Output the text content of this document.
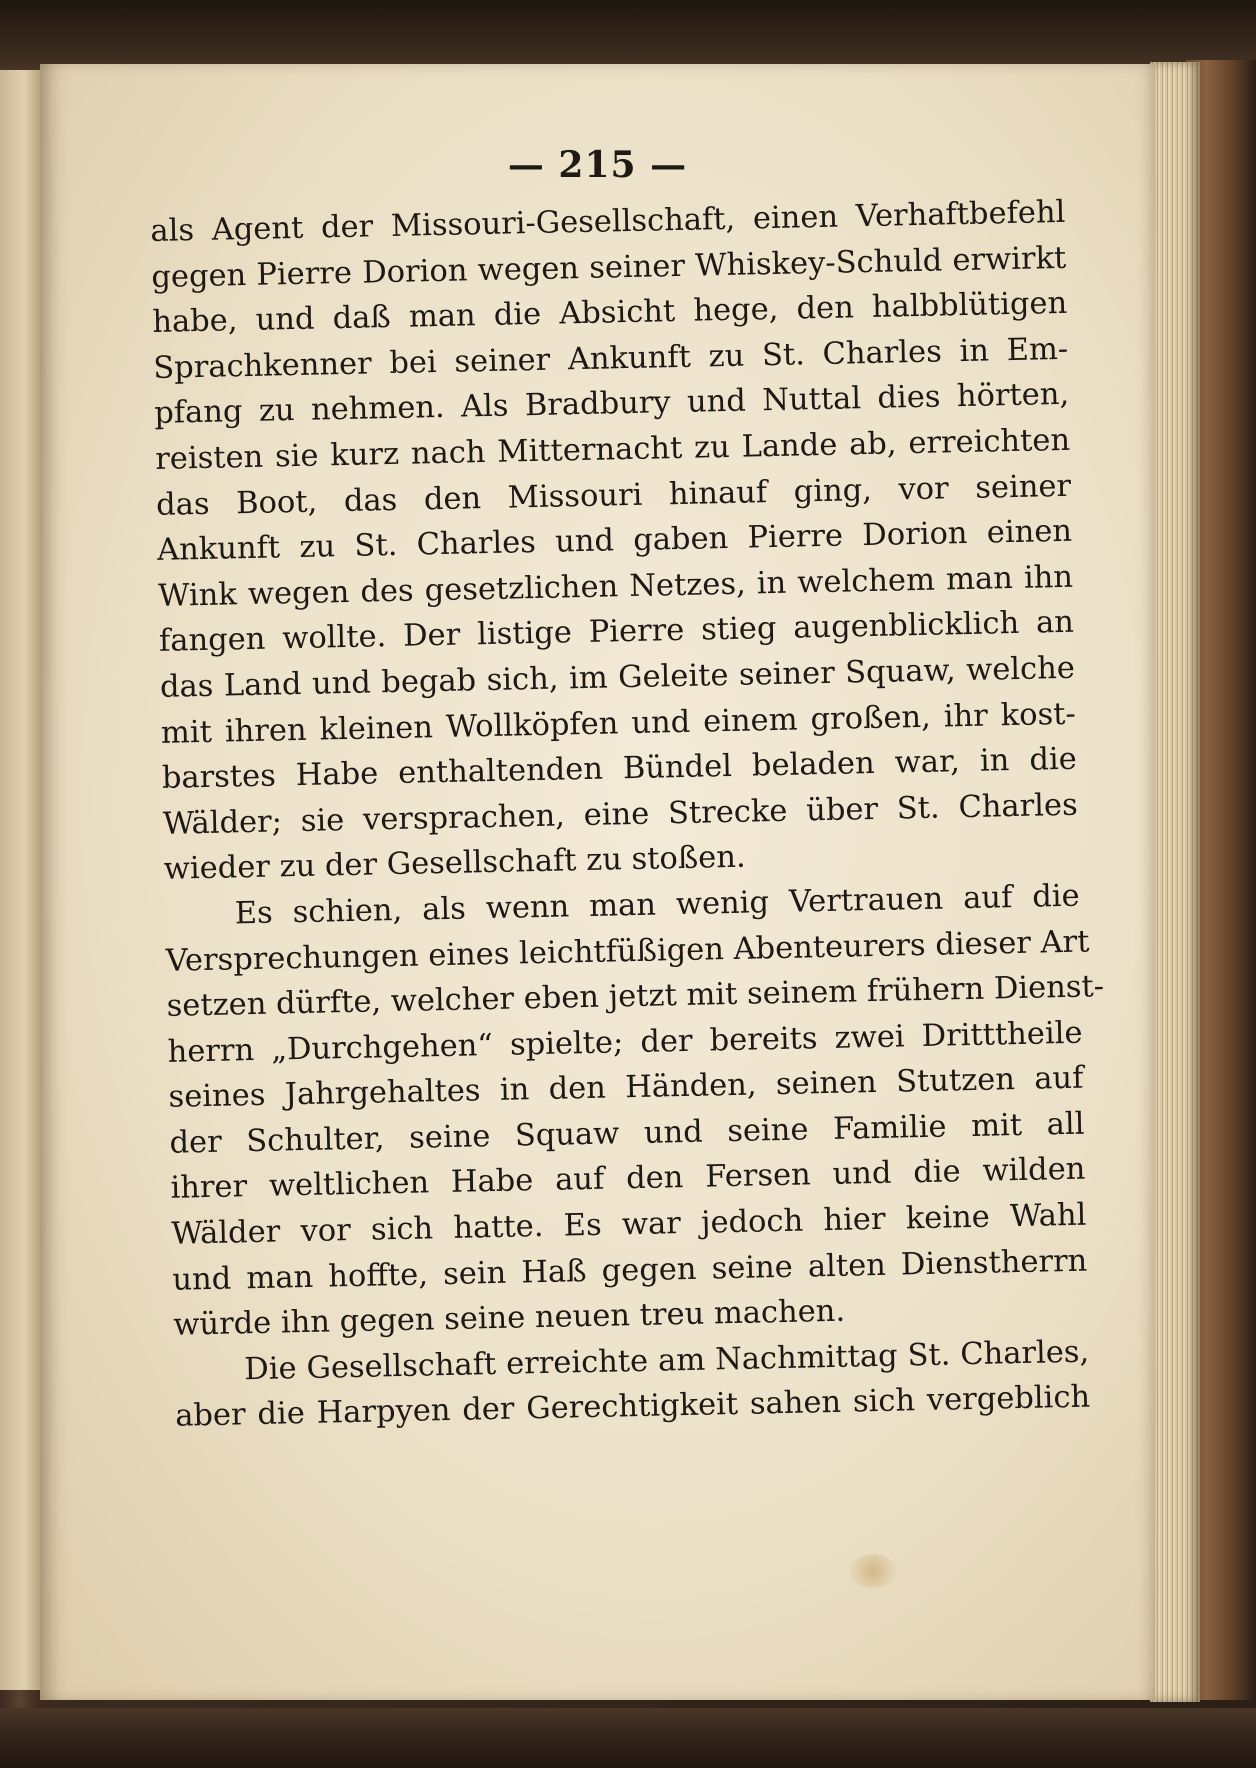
— 215 —
als Agent der Missouri-Gesellschaft, einen Verhaftbefehl
gegen Pierre Dorion wegen seiner Whiskey-Schuld erwirkt
habe, und daß man die Absicht hege, den halbblütigen
Sprachkenner bei seiner Ankunft zu St. Charles in Em-
pfang zu nehmen. Als Bradbury und Nuttal dies hörten,
reisten sie kurz nach Mitternacht zu Lande ab, erreichten
das Boot, das den Missouri hinauf ging, vor seiner
Ankunft zu St. Charles und gaben Pierre Dorion einen
Wink wegen des gesetzlichen Netzes, in welchem man ihn
fangen wollte. Der listige Pierre stieg augenblicklich an
das Land und begab sich, im Geleite seiner Squaw, welche
mit ihren kleinen Wollköpfen und einem großen, ihr kost-
barstes Habe enthaltenden Bündel beladen war, in die
Wälder; sie versprachen, eine Strecke über St. Charles
wieder zu der Gesellschaft zu stoßen.
Es schien, als wenn man wenig Vertrauen auf die
Versprechungen eines leichtfüßigen Abenteurers dieser Art
setzen dürfte, welcher eben jetzt mit seinem frühern Dienst-
herrn „Durchgehen“ spielte; der bereits zwei Dritttheile
seines Jahrgehaltes in den Händen, seinen Stutzen auf
der Schulter, seine Squaw und seine Familie mit all
ihrer weltlichen Habe auf den Fersen und die wilden
Wälder vor sich hatte. Es war jedoch hier keine Wahl
und man hoffte, sein Haß gegen seine alten Dienstherrn
würde ihn gegen seine neuen treu machen.
Die Gesellschaft erreichte am Nachmittag St. Charles,
aber die Harpyen der Gerechtigkeit sahen sich vergeblich
